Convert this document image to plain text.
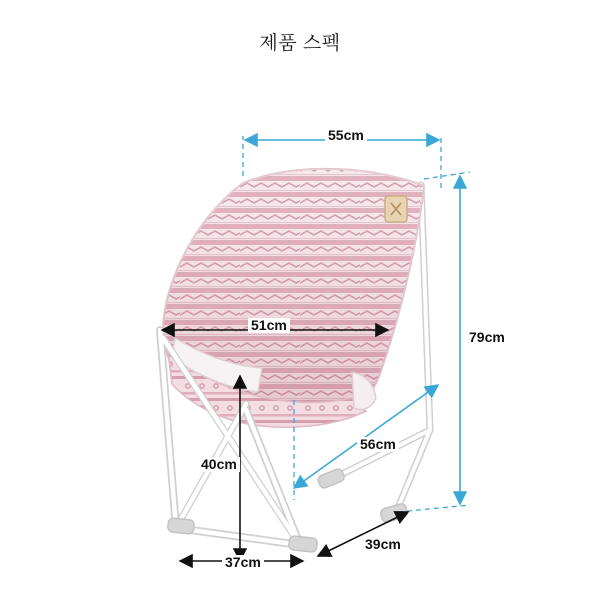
제품 스펙
55cm
79cm
51cm
40cm
56cm
39cm
37cm
